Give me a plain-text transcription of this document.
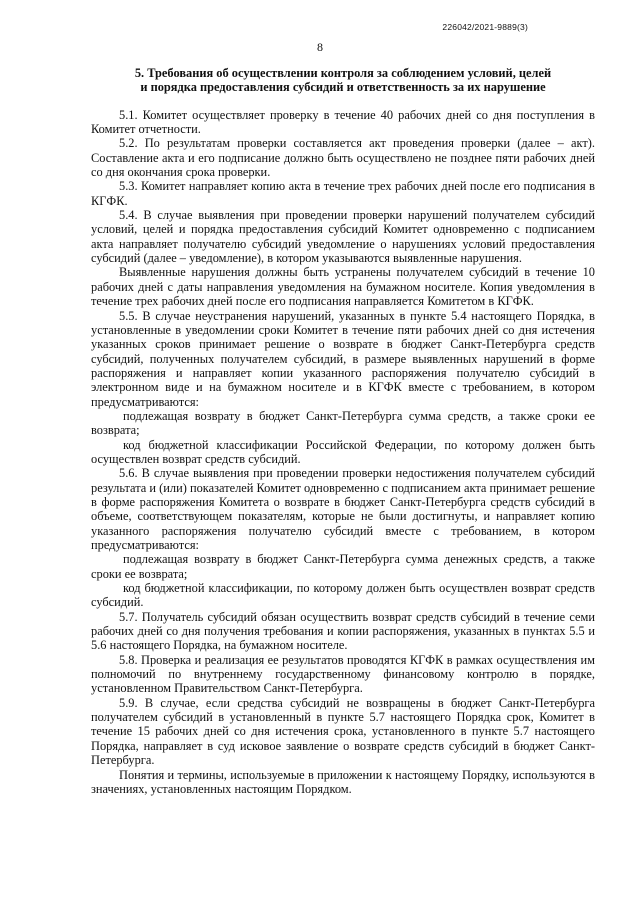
226042/2021-9889(3)
8
5. Требования об осуществлении контроля за соблюдением условий, целей
и порядка предоставления субсидий и ответственность за их нарушение

5.1. Комитет осуществляет проверку в течение 40 рабочих дней со дня поступления в Комитет отчетности.

5.2. По результатам проверки составляется акт проведения проверки (далее – акт). Составление акта и его подписание должно быть осуществлено не позднее пяти рабочих дней со дня окончания срока проверки.

5.3. Комитет направляет копию акта в течение трех рабочих дней после его подписания в КГФК.

5.4. В случае выявления при проведении проверки нарушений получателем субсидий условий, целей и порядка предоставления субсидий Комитет одновременно с подписанием акта направляет получателю субсидий уведомление о нарушениях условий предоставления субсидий (далее – уведомление), в котором указываются выявленные нарушения.

Выявленные нарушения должны быть устранены получателем субсидий в течение 10 рабочих дней с даты направления уведомления на бумажном носителе. Копия уведомления в течение трех рабочих дней после его подписания направляется Комитетом в КГФК.

5.5. В случае неустранения нарушений, указанных в пункте 5.4 настоящего Порядка, в установленные в уведомлении сроки Комитет в течение пяти рабочих дней со дня истечения указанных сроков принимает решение о возврате в бюджет Санкт-Петербурга средств субсидий, полученных получателем субсидий, в размере выявленных нарушений в форме распоряжения и направляет копии указанного распоряжения получателю субсидий в электронном виде и на бумажном носителе и в КГФК вместе с требованием, в котором предусматриваются:

подлежащая возврату в бюджет Санкт-Петербурга сумма средств, а также сроки ее возврата;

код бюджетной классификации Российской Федерации, по которому должен быть осуществлен возврат средств субсидий.

5.6. В случае выявления при проведении проверки недостижения получателем субсидий результата и (или) показателей Комитет одновременно с подписанием акта принимает решение в форме распоряжения Комитета о возврате в бюджет Санкт-Петербурга средств субсидий в объеме, соответствующем показателям, которые не были достигнуты, и направляет копию указанного распоряжения получателю субсидий вместе с требованием, в котором предусматриваются:

подлежащая возврату в бюджет Санкт-Петербурга сумма денежных средств, а также сроки ее возврата;

код бюджетной классификации, по которому должен быть осуществлен возврат средств субсидий.

5.7. Получатель субсидий обязан осуществить возврат средств субсидий в течение семи рабочих дней со дня получения требования и копии распоряжения, указанных в пунктах 5.5 и 5.6 настоящего Порядка, на бумажном носителе.

5.8. Проверка и реализация ее результатов проводятся КГФК в рамках осуществления им полномочий по внутреннему государственному финансовому контролю в порядке, установленном Правительством Санкт-Петербурга.

5.9. В случае, если средства субсидий не возвращены в бюджет Санкт-Петербурга получателем субсидий в установленный в пункте 5.7 настоящего Порядка срок, Комитет в течение 15 рабочих дней со дня истечения срока, установленного в пункте 5.7 настоящего Порядка, направляет в суд исковое заявление о возврате средств субсидий в бюджет Санкт-Петербурга.

Понятия и термины, используемые в приложении к настоящему Порядку, используются в значениях, установленных настоящим Порядком.
